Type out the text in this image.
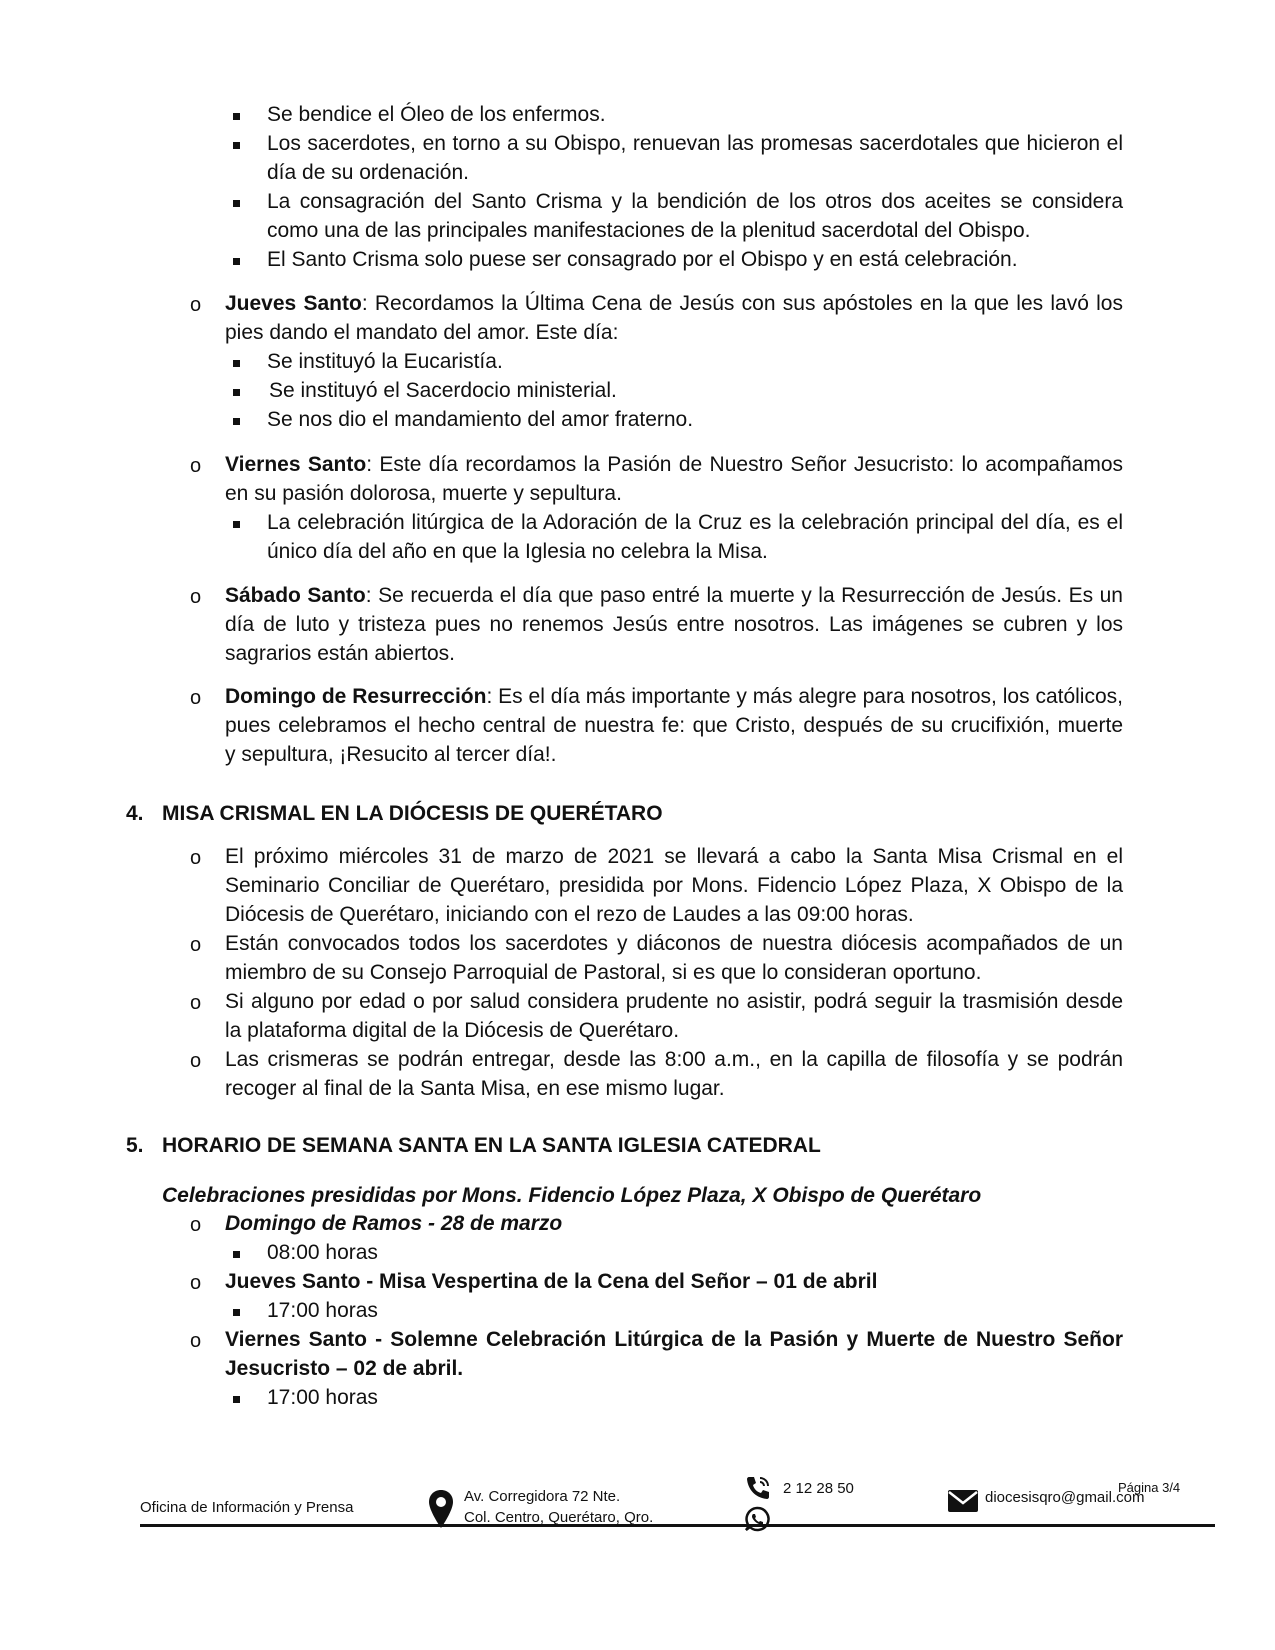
Se bendice el Óleo de los enfermos.
Los sacerdotes, en torno a su Obispo, renuevan las promesas sacerdotales que hicieron el
día de su ordenación.
La consagración del Santo Crisma y la bendición de los otros dos aceites se considera
como una de las principales manifestaciones de la plenitud sacerdotal del Obispo.
El Santo Crisma solo puese ser consagrado por el Obispo y en está celebración.
o Jueves Santo: Recordamos la Última Cena de Jesús con sus apóstoles en la que les lavó los
pies dando el mandato del amor. Este día:
Se instituyó la Eucaristía.
Se instituyó el Sacerdocio ministerial.
Se nos dio el mandamiento del amor fraterno.
o Viernes Santo: Este día recordamos la Pasión de Nuestro Señor Jesucristo: lo acompañamos
en su pasión dolorosa, muerte y sepultura.
La celebración litúrgica de la Adoración de la Cruz es la celebración principal del día, es el
único día del año en que la Iglesia no celebra la Misa.
o Sábado Santo: Se recuerda el día que paso entré la muerte y la Resurrección de Jesús. Es un
día de luto y tristeza pues no renemos Jesús entre nosotros. Las imágenes se cubren y los
sagrarios están abiertos.
o Domingo de Resurrección: Es el día más importante y más alegre para nosotros, los católicos,
pues celebramos el hecho central de nuestra fe: que Cristo, después de su crucifixión, muerte
y sepultura, ¡Resucito al tercer día!.
4. MISA CRISMAL EN LA DIÓCESIS DE QUERÉTARO
o El próximo miércoles 31 de marzo de 2021 se llevará a cabo la Santa Misa Crismal en el
Seminario Conciliar de Querétaro, presidida por Mons. Fidencio López Plaza, X Obispo de la
Diócesis de Querétaro, iniciando con el rezo de Laudes a las 09:00 horas.
o Están convocados todos los sacerdotes y diáconos de nuestra diócesis acompañados de un
miembro de su Consejo Parroquial de Pastoral, si es que lo consideran oportuno.
o Si alguno por edad o por salud considera prudente no asistir, podrá seguir la trasmisión desde
la plataforma digital de la Diócesis de Querétaro.
o Las crismeras se podrán entregar, desde las 8:00 a.m., en la capilla de filosofía y se podrán
recoger al final de la Santa Misa, en ese mismo lugar.
5. HORARIO DE SEMANA SANTA EN LA SANTA IGLESIA CATEDRAL
Celebraciones presididas por Mons. Fidencio López Plaza, X Obispo de Querétaro
o Domingo de Ramos - 28 de marzo
08:00 horas
o Jueves Santo - Misa Vespertina de la Cena del Señor – 01 de abril
17:00 horas
o Viernes Santo - Solemne Celebración Litúrgica de la Pasión y Muerte de Nuestro Señor
Jesucristo – 02 de abril.
17:00 horas
Página 3/4
Oficina de Información y Prensa
Av. Corregidora 72 Nte.
Col. Centro, Querétaro, Qro.
2 12 28 50
diocesisqro@gmail.com
